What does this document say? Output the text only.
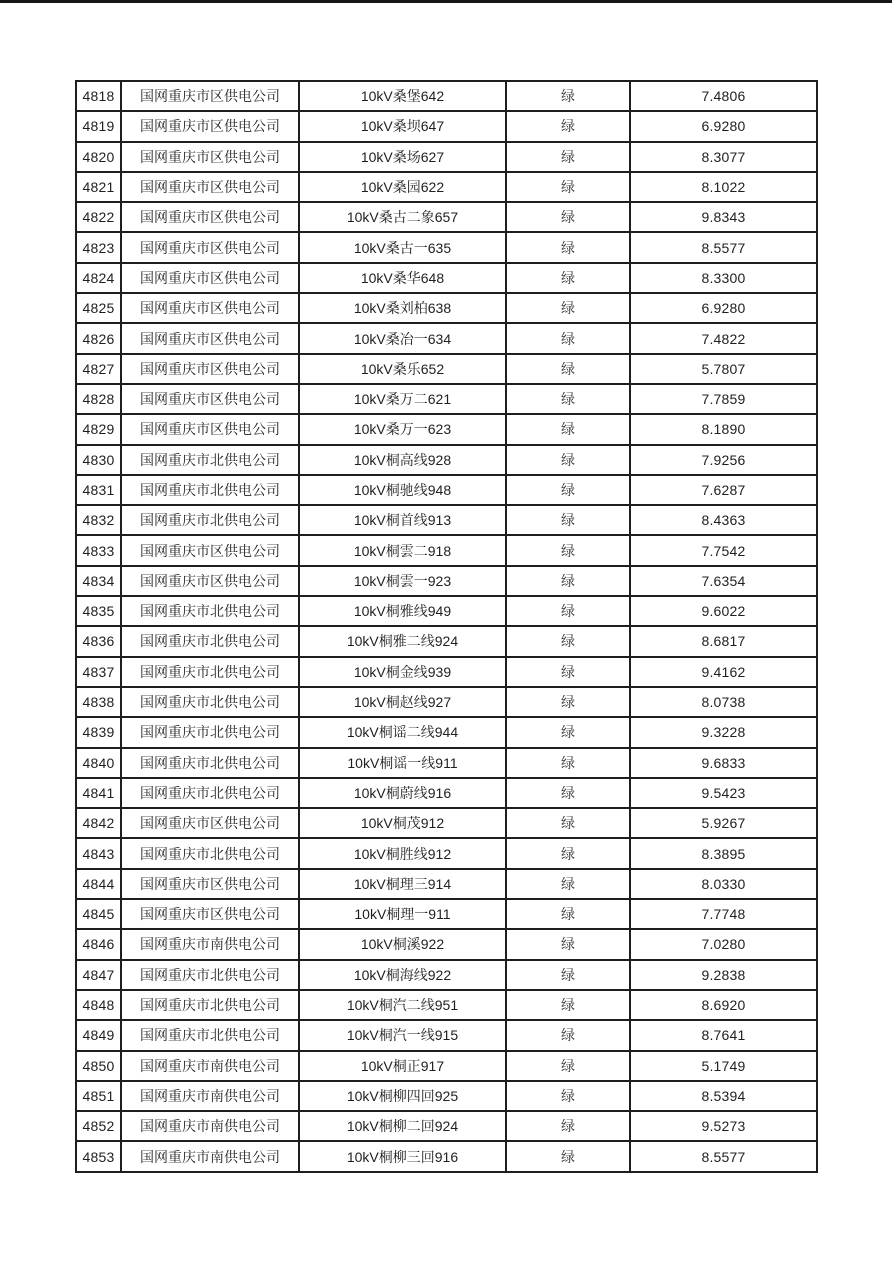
4818	国网重庆市区供电公司	10kV桑堡642	绿	7.4806
4819	国网重庆市区供电公司	10kV桑坝647	绿	6.9280
4820	国网重庆市区供电公司	10kV桑场627	绿	8.3077
4821	国网重庆市区供电公司	10kV桑园622	绿	8.1022
4822	国网重庆市区供电公司	10kV桑古二象657	绿	9.8343
4823	国网重庆市区供电公司	10kV桑古一635	绿	8.5577
4824	国网重庆市区供电公司	10kV桑华648	绿	8.3300
4825	国网重庆市区供电公司	10kV桑刘柏638	绿	6.9280
4826	国网重庆市区供电公司	10kV桑冶一634	绿	7.4822
4827	国网重庆市区供电公司	10kV桑乐652	绿	5.7807
4828	国网重庆市区供电公司	10kV桑万二621	绿	7.7859
4829	国网重庆市区供电公司	10kV桑万一623	绿	8.1890
4830	国网重庆市北供电公司	10kV桐高线928	绿	7.9256
4831	国网重庆市北供电公司	10kV桐驰线948	绿	7.6287
4832	国网重庆市北供电公司	10kV桐首线913	绿	8.4363
4833	国网重庆市区供电公司	10kV桐雲二918	绿	7.7542
4834	国网重庆市区供电公司	10kV桐雲一923	绿	7.6354
4835	国网重庆市北供电公司	10kV桐雅线949	绿	9.6022
4836	国网重庆市北供电公司	10kV桐雅二线924	绿	8.6817
4837	国网重庆市北供电公司	10kV桐金线939	绿	9.4162
4838	国网重庆市北供电公司	10kV桐赵线927	绿	8.0738
4839	国网重庆市北供电公司	10kV桐谣二线944	绿	9.3228
4840	国网重庆市北供电公司	10kV桐谣一线911	绿	9.6833
4841	国网重庆市北供电公司	10kV桐蔚线916	绿	9.5423
4842	国网重庆市区供电公司	10kV桐茂912	绿	5.9267
4843	国网重庆市北供电公司	10kV桐胜线912	绿	8.3895
4844	国网重庆市区供电公司	10kV桐理三914	绿	8.0330
4845	国网重庆市区供电公司	10kV桐理一911	绿	7.7748
4846	国网重庆市南供电公司	10kV桐溪922	绿	7.0280
4847	国网重庆市北供电公司	10kV桐海线922	绿	9.2838
4848	国网重庆市北供电公司	10kV桐汽二线951	绿	8.6920
4849	国网重庆市北供电公司	10kV桐汽一线915	绿	8.7641
4850	国网重庆市南供电公司	10kV桐正917	绿	5.1749
4851	国网重庆市南供电公司	10kV桐柳四回925	绿	8.5394
4852	国网重庆市南供电公司	10kV桐柳二回924	绿	9.5273
4853	国网重庆市南供电公司	10kV桐柳三回916	绿	8.5577
